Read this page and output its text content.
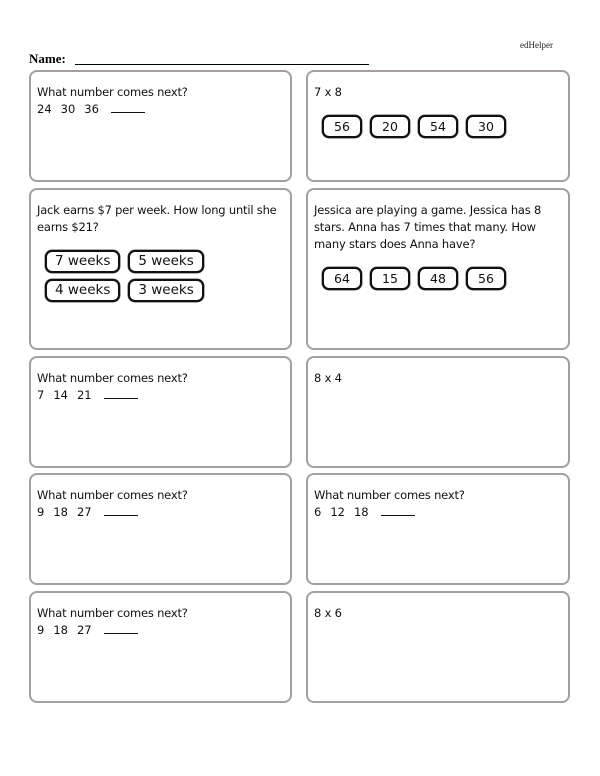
edHelper
Name:
What number comes next?
24 30 36
7 x 8
56	20	54	30
Jack earns $7 per week. How long until she earns $21?
7 weeks	5 weeks
4 weeks	3 weeks
Jessica are playing a game. Jessica has 8 stars. Anna has 7 times that many. How many stars does Anna have?
64	15	48	56
What number comes next?
7 14 21
8 x 4
What number comes next?
9 18 27
What number comes next?
6 12 18
What number comes next?
9 18 27
8 x 6
